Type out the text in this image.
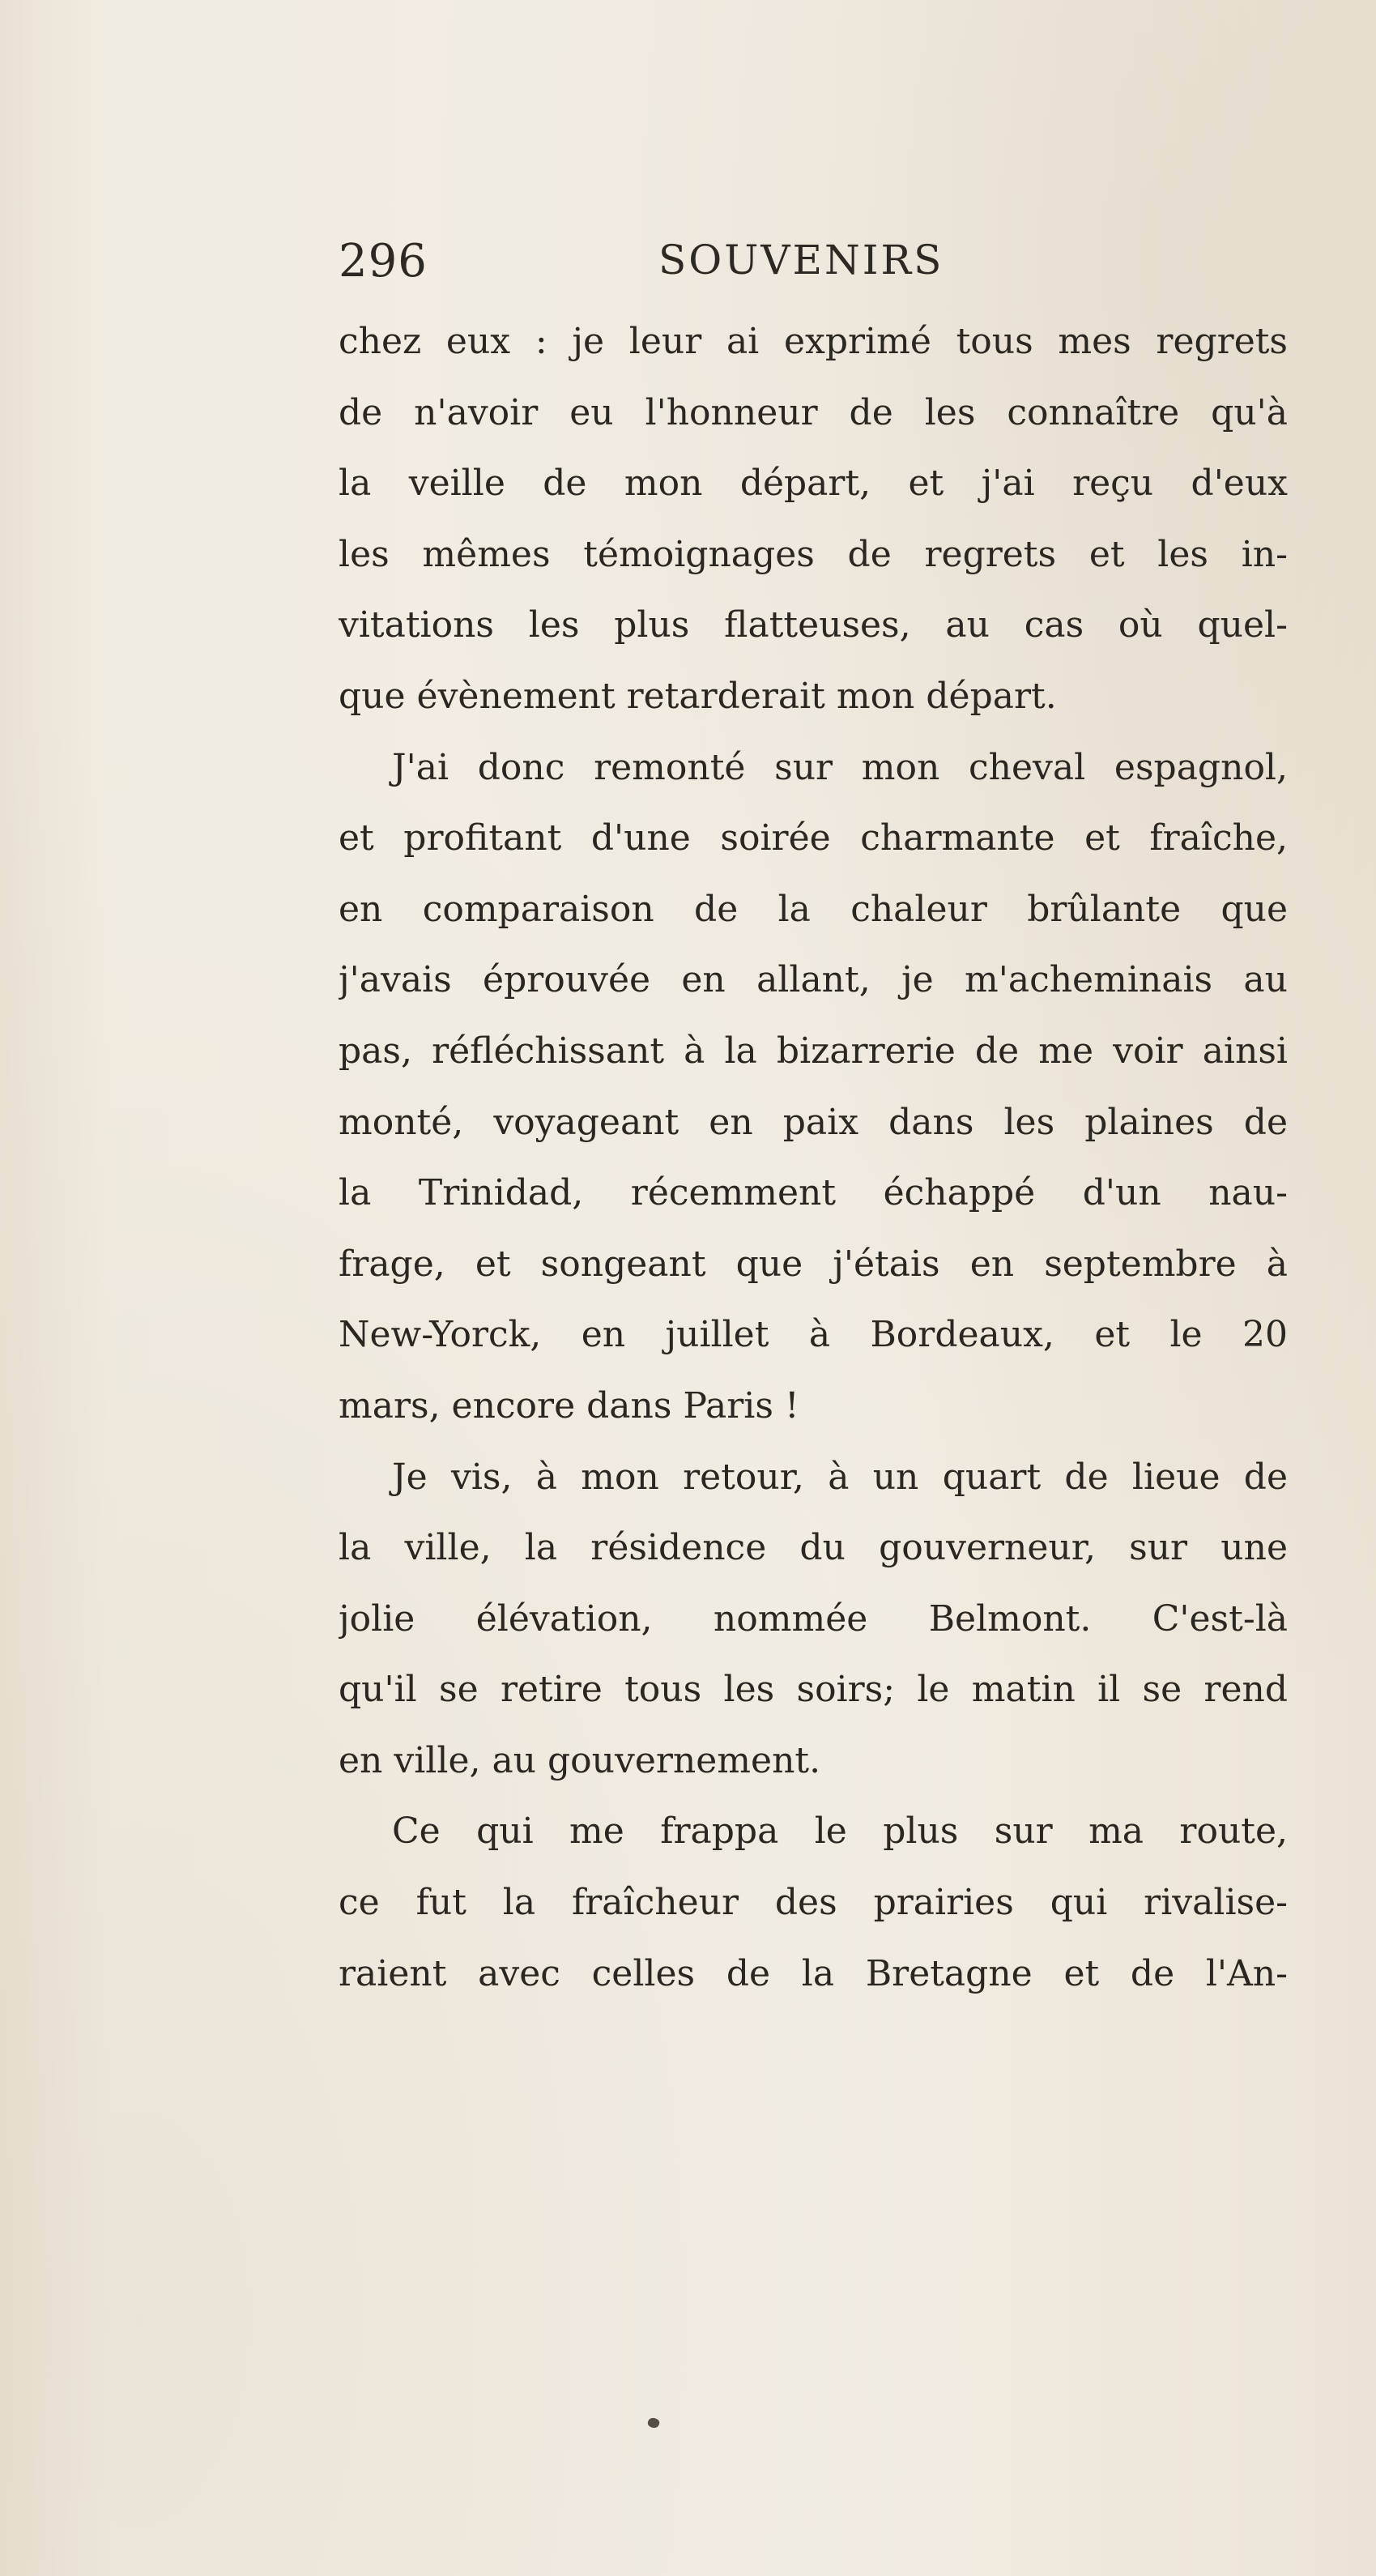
296	SOUVENIRS
chez eux : je leur ai exprimé tous mes regrets
de n'avoir eu l'honneur de les connaître qu'à
la veille de mon départ, et j'ai reçu d'eux
les mêmes témoignages de regrets et les in-
vitations les plus flatteuses, au cas où quel-
que évènement retarderait mon départ.
J'ai donc remonté sur mon cheval espagnol,
et profitant d'une soirée charmante et fraîche,
en comparaison de la chaleur brûlante que
j'avais éprouvée en allant, je m'acheminais au
pas, réfléchissant à la bizarrerie de me voir ainsi
monté, voyageant en paix dans les plaines de
la Trinidad, récemment échappé d'un nau-
frage, et songeant que j'étais en septembre à
New-Yorck, en juillet à Bordeaux, et le 20
mars, encore dans Paris !
Je vis, à mon retour, à un quart de lieue de
la ville, la résidence du gouverneur, sur une
jolie élévation, nommée Belmont. C'est-là
qu'il se retire tous les soirs; le matin il se rend
en ville, au gouvernement.
Ce qui me frappa le plus sur ma route,
ce fut la fraîcheur des prairies qui rivalise-
raient avec celles de la Bretagne et de l'An-
